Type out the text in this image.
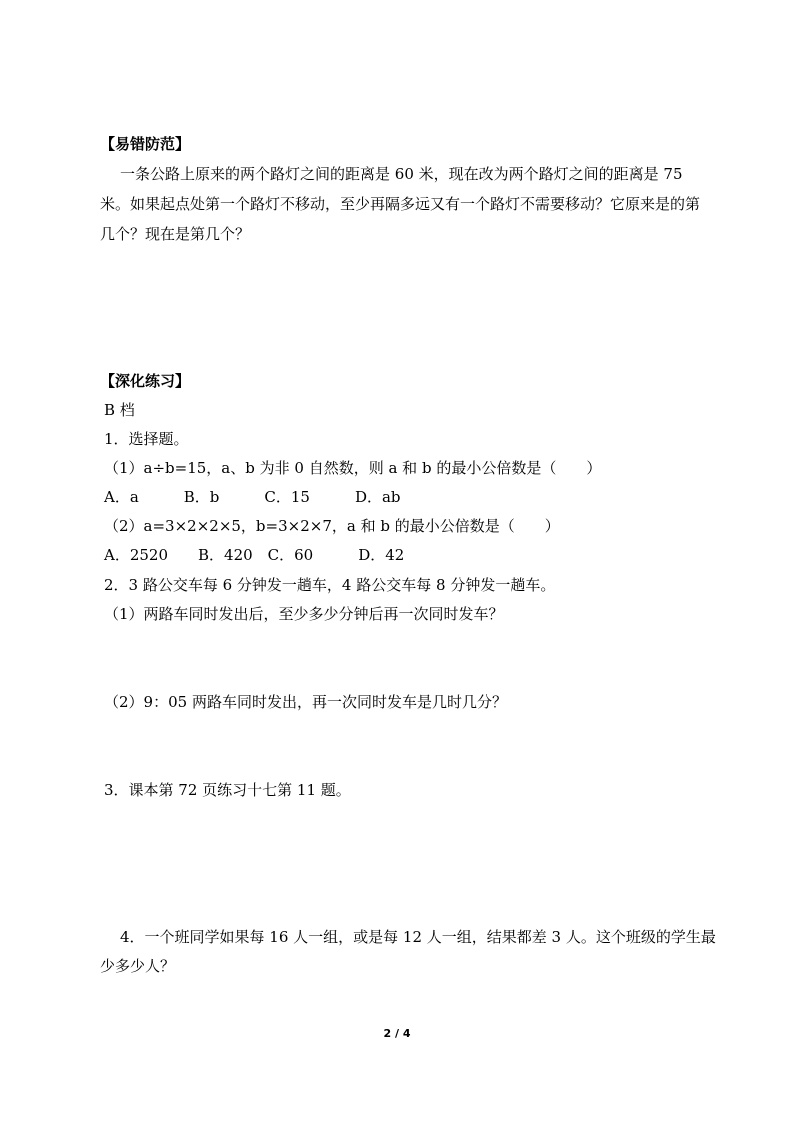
【易错防范】
一条公路上原来的两个路灯之间的距离是 60 米，现在改为两个路灯之间的距离是 75
米。如果起点处第一个路灯不移动，至少再隔多远又有一个路灯不需要移动？它原来是的第
几个？现在是第几个？
【深化练习】
B 档
1．选择题。
（1）a÷b=15，a、b 为非 0 自然数，则 a 和 b 的最小公倍数是（　　）
A．a　　　B．b　　　C．15　　　D．ab
（2）a=3×2×2×5，b=3×2×7，a 和 b 的最小公倍数是（　　）
A．2520　　B．420　C．60　　　D．42
2．3 路公交车每 6 分钟发一趟车，4 路公交车每 8 分钟发一趟车。
（1）两路车同时发出后，至少多少分钟后再一次同时发车？
（2）9：05 两路车同时发出，再一次同时发车是几时几分？
3．课本第 72 页练习十七第 11 题。
4．一个班同学如果每 16 人一组，或是每 12 人一组，结果都差 3 人。这个班级的学生最
少多少人？
2 / 4
